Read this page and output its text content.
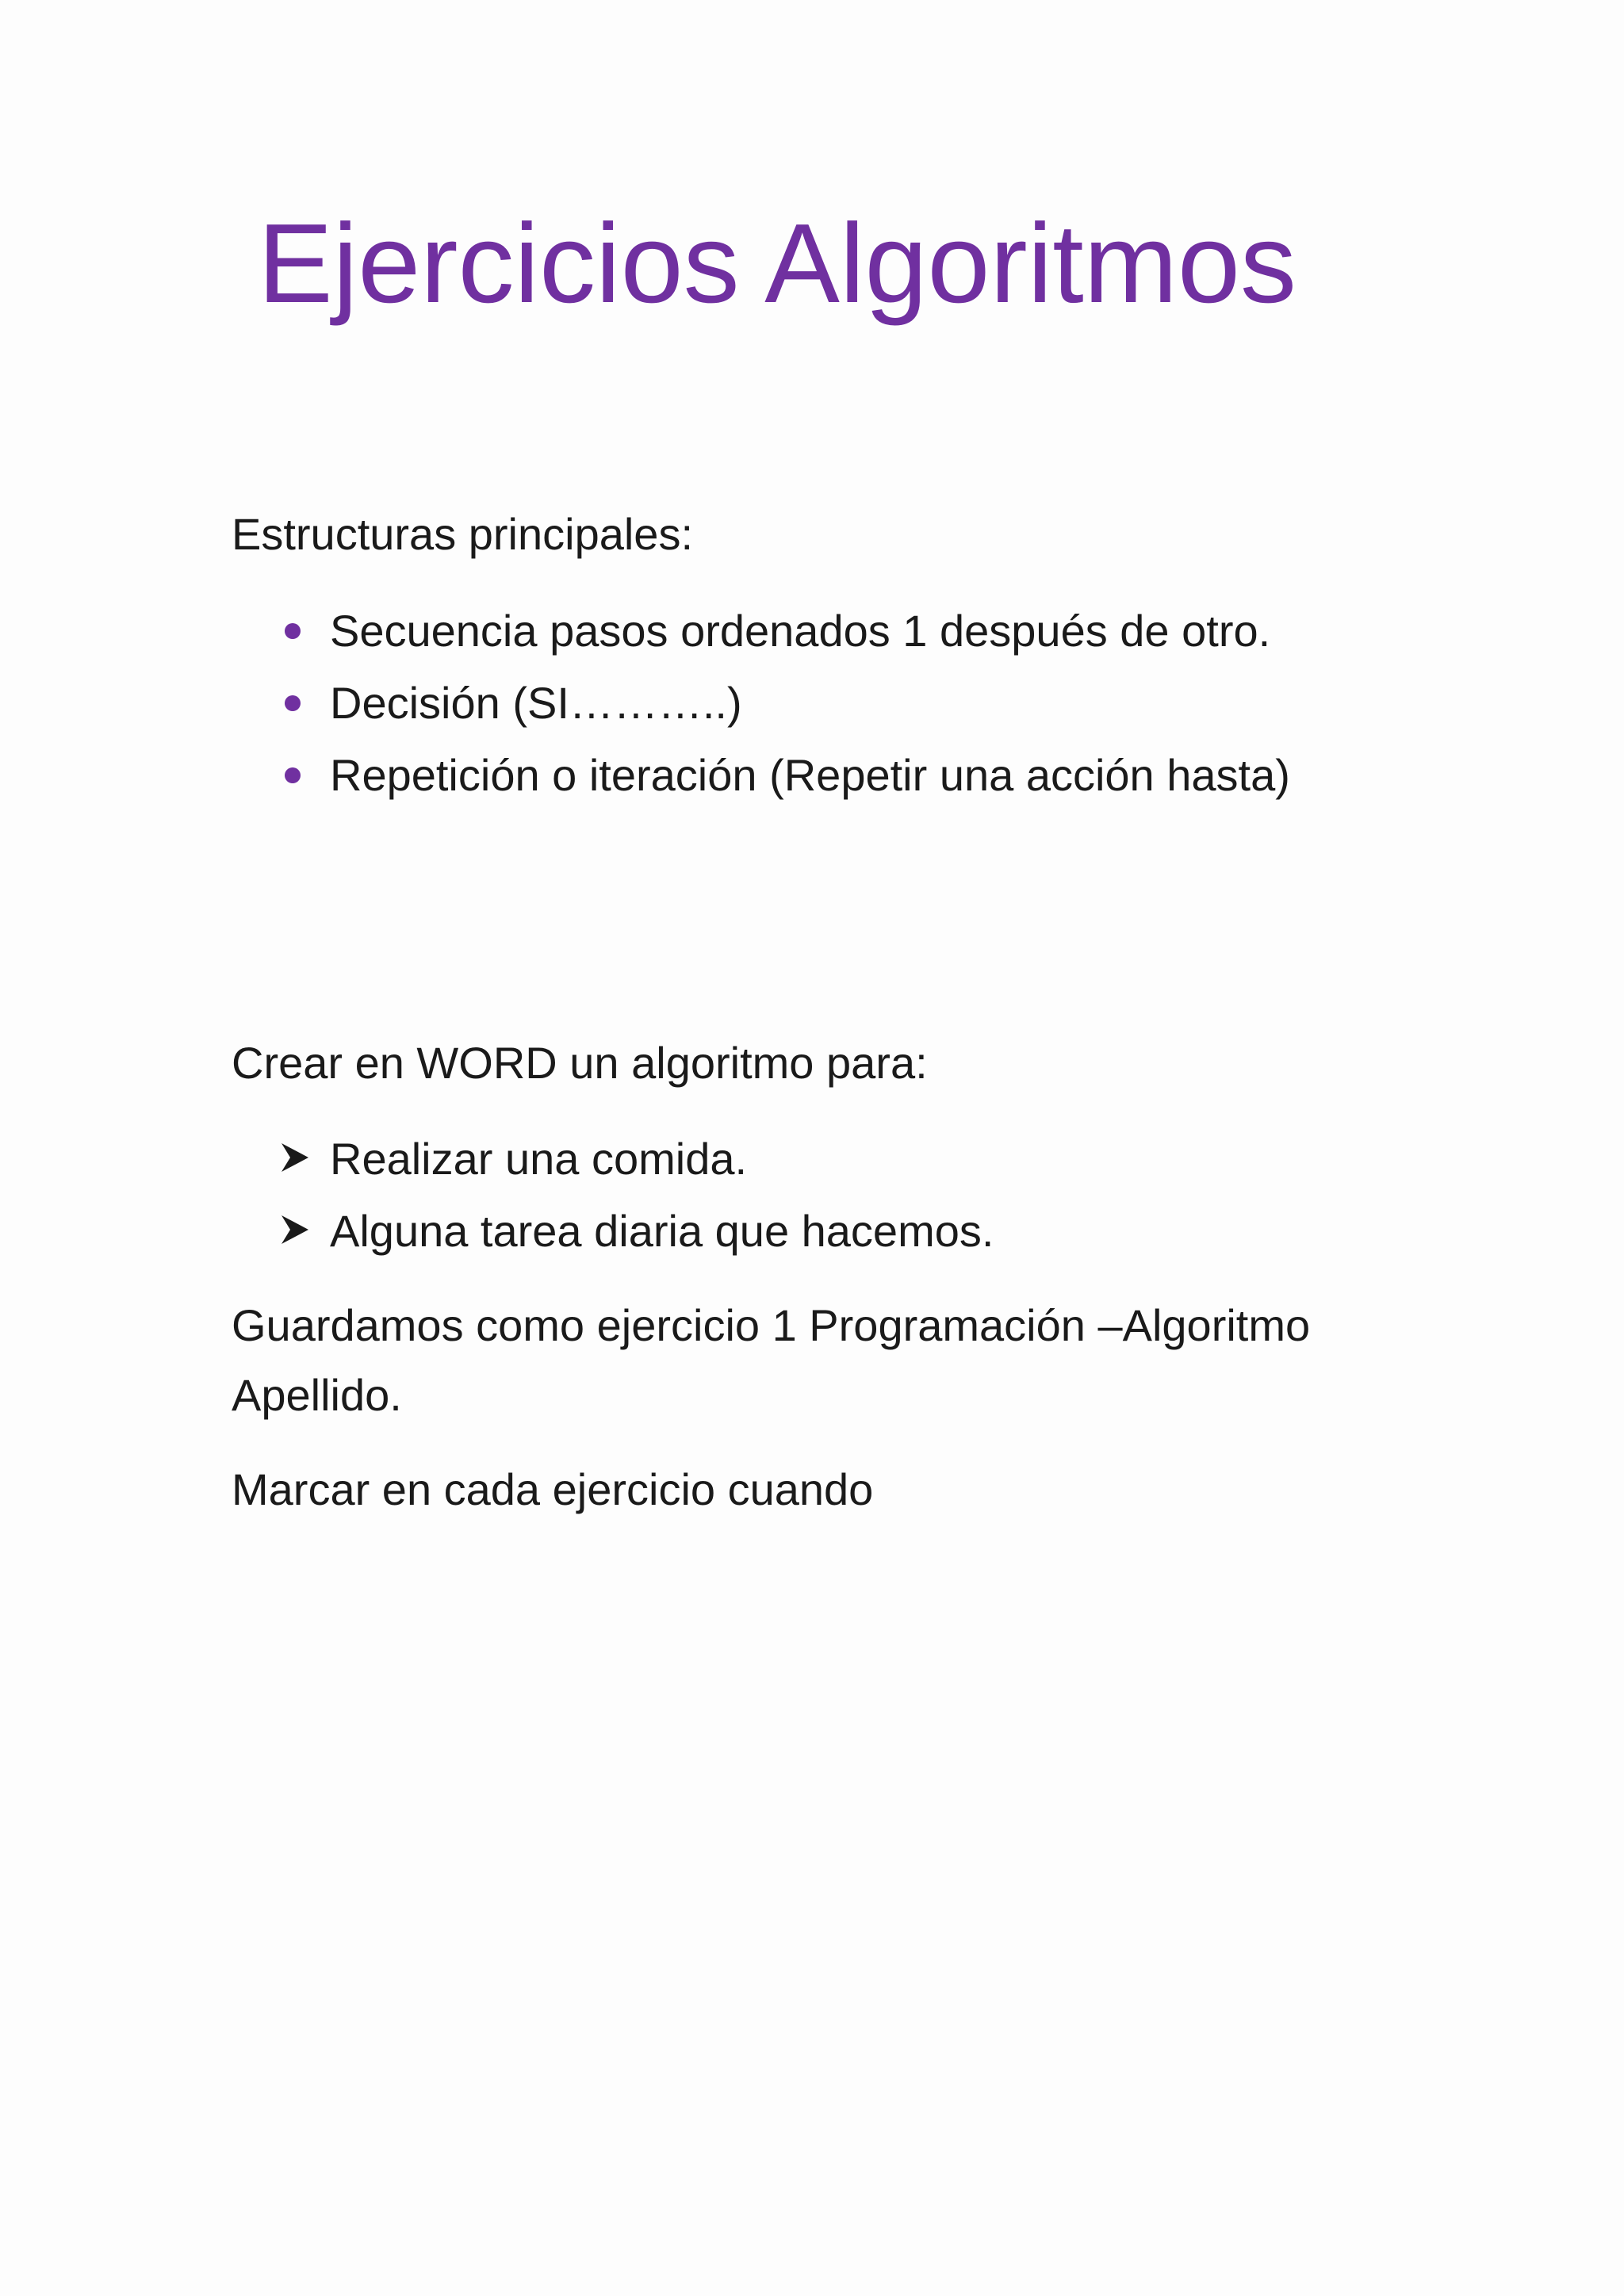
Ejercicios Algoritmos

Estructuras principales:

Secuencia pasos ordenados 1 después de otro.
Decisión (SI………..)
Repetición o iteración (Repetir una acción hasta)

Crear en WORD un algoritmo para:

Realizar una comida.
Alguna tarea diaria que hacemos.

Guardamos como ejercicio 1 Programación –Algoritmo Apellido.

Marcar en cada ejercicio cuando
